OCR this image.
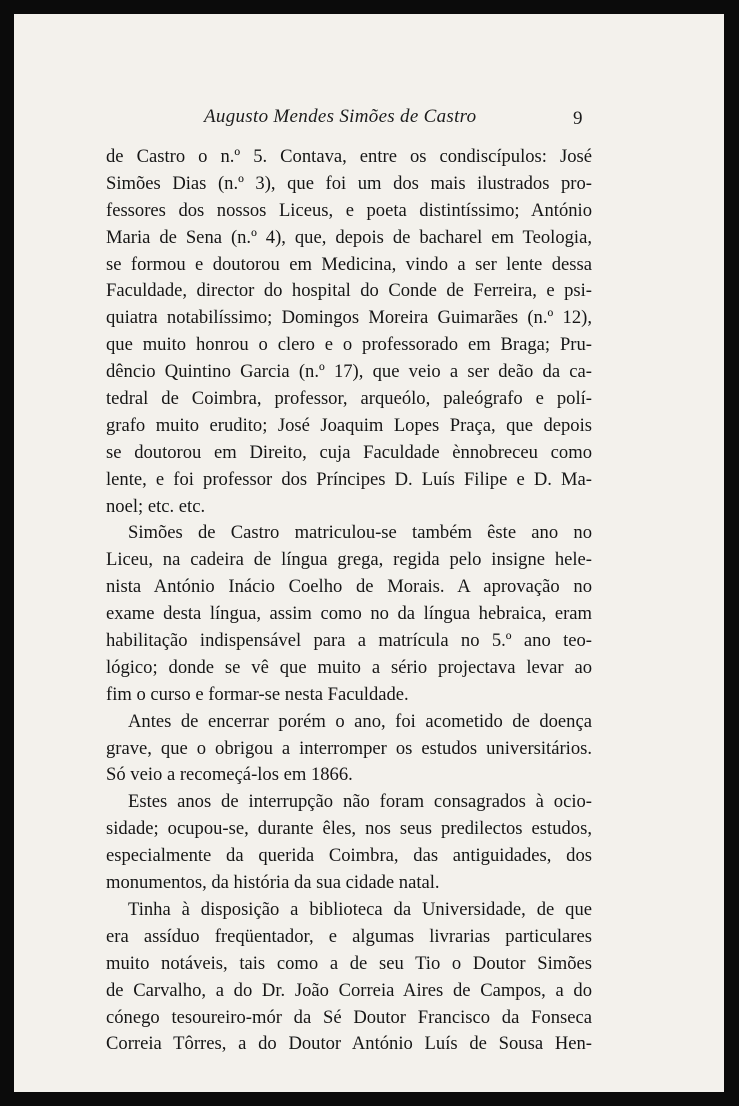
Augusto Mendes Simões de Castro	9
de Castro o n.º 5. Contava, entre os condiscípulos: José
Simões Dias (n.º 3), que foi um dos mais ilustrados pro-
fessores dos nossos Liceus, e poeta distintíssimo; António
Maria de Sena (n.º 4), que, depois de bacharel em Teologia,
se formou e doutorou em Medicina, vindo a ser lente dessa
Faculdade, director do hospital do Conde de Ferreira, e psi-
quiatra notabilíssimo; Domingos Moreira Guimarães (n.º 12),
que muito honrou o clero e o professorado em Braga; Pru-
dêncio Quintino Garcia (n.º 17), que veio a ser deão da ca-
tedral de Coimbra, professor, arqueólo, paleógrafo e polí-
grafo muito erudito; José Joaquim Lopes Praça, que depois
se doutorou em Direito, cuja Faculdade ènnobreceu como
lente, e foi professor dos Príncipes D. Luís Filipe e D. Ma-
noel; etc. etc.
Simões de Castro matriculou-se também êste ano no
Liceu, na cadeira de língua grega, regida pelo insigne hele-
nista António Inácio Coelho de Morais. A aprovação no
exame desta língua, assim como no da língua hebraica, eram
habilitação indispensável para a matrícula no 5.º ano teo-
lógico; donde se vê que muito a sério projectava levar ao
fim o curso e formar-se nesta Faculdade.
Antes de encerrar porém o ano, foi acometido de doença
grave, que o obrigou a interromper os estudos universitários.
Só veio a recomeçá-los em 1866.
Estes anos de interrupção não foram consagrados à ocio-
sidade; ocupou-se, durante êles, nos seus predilectos estudos,
especialmente da querida Coimbra, das antiguidades, dos
monumentos, da história da sua cidade natal.
Tinha à disposição a biblioteca da Universidade, de que
era assíduo freqüentador, e algumas livrarias particulares
muito notáveis, tais como a de seu Tio o Doutor Simões
de Carvalho, a do Dr. João Correia Aires de Campos, a do
cónego tesoureiro-mór da Sé Doutor Francisco da Fonseca
Correia Tôrres, a do Doutor António Luís de Sousa Hen-
